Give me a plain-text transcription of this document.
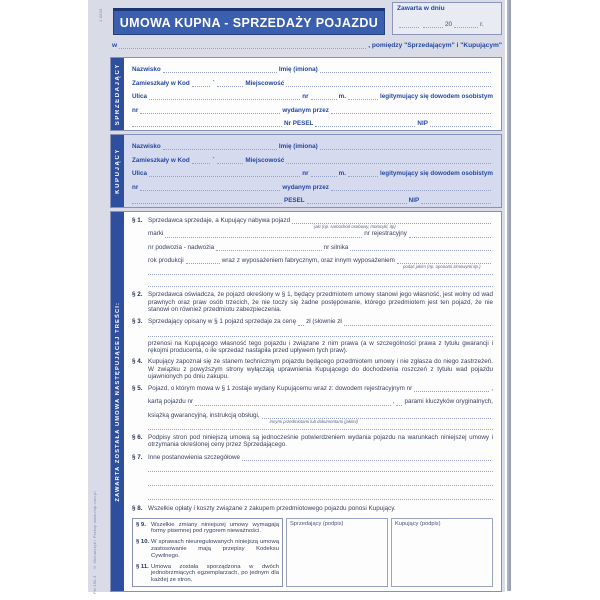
1 0903
© Michalczyk i Prokop www.mip.com.pl
Pw 190-3
UMOWA KUPNA - SPRZEDAŻY POJAZDU
Zawarta w dniu
20	r.
w	, pomiędzy "Sprzedającym" i "Kupującym"
SPRZEDAJĄCY Nazwisko	Imię (imiona)
Zamieszkały w Kod	-	Miejscowość
Ulica	nr	m.	legitymujący się dowodem osobistym
nr	wydanym przez
Nr PESEL	NIP
KUPUJĄCY
Nazwisko	Imię (imiona)
Zamieszkały w Kod	-	Miejscowość
Ulica	nr	m.	legitymujący się dowodem osobistym
nr	wydanym przez
PESEL	NIP
ZAWARTA ZOSTAŁA UMOWA NASTĘPUJĄCEJ TREŚCI:
§ 1. Sprzedawca sprzedaje, a Kupujący nabywa pojazd
jaki (np. samochód osobowy, motocykl, itp)
marki	nr rejestracyjny
nr podwozia - nadwozia	nr silnika
rok produkcji	wraz z wyposażeniem fabrycznym, oraz innym wyposażeniem
podać jakim (np. oponami zimowymi itp.)
§ 2. Sprzedawca oświadcza, że pojazd określony w § 1, będący przedmiotem umowy stanowi jego własność, jest wolny od wad prawnych oraz praw osób trzecich, że nie toczy się żadne postępowanie, którego przedmiotem jest ten pojazd, że nie stanowi on również przedmiotu zabezpieczenia.
§ 3. Sprzedający opisany w § 1 pojazd sprzedaje za cenę zł (słownie zł
przenosi na Kupującego własność tego pojazdu i związane z nim prawa (a w szczególności prawa z tytułu gwarancji i rękojmi producenta, o ile sprzedaż nastąpiła przed upływem tych praw).
§ 4. Kupujący zapoznał się ze stanem technicznym pojazdu będącego przedmiotem umowy i nie zgłasza do niego zastrzeżeń. W związku z powyższym strony wyłączają uprawnienia Kupującego do dochodzenia roszczeń z tytułu wad pojazdu ujawnionych po dniu zakupu.
§ 5. Pojazd, o którym mowa w § 1 zostaje wydany Kupującemu wraz z: dowodem rejestracyjnym nr	,
kartą pojazdu nr	, parami kluczyków oryginalnych,
książką gwarancyjną, instrukcją obsługi,
innymi przedmiotami lub dokumentami (jakimi)
§ 6. Podpisy stron pod niniejszą umową są jednocześnie potwierdzeniem wydania pojazdu na warunkach niniejszej umowy i otrzymania określonej ceny przez Sprzedającego.
§ 7. Inne postanowienia szczegółowe
§ 8. Wszelkie opłaty i koszty związane z zakupem przedmiotowego pojazdu ponosi Kupujący.
§ 9. Wszelkie zmiany niniejszej umowy wymagają formy pisemnej pod rygorem nieważności.
§ 10. W sprawach nieuregulowanych niniejszą umową zastosowanie mają przepisy Kodeksu Cywilnego.
§ 11. Umowa została sporządzona w dwóch jednobrzmiących egzemplarzach, po jednym dla każdej ze stron.
Sprzedający (podpis)	Kupujący (podpis)
